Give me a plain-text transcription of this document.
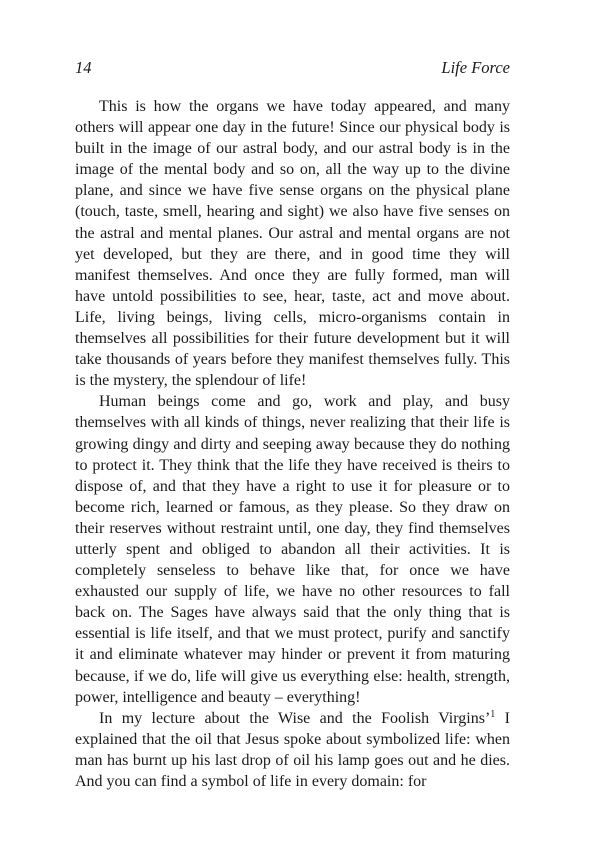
14	Life Force

This is how the organs we have today appeared, and many others will appear one day in the future! Since our physical body is built in the image of our astral body, and our astral body is in the image of the mental body and so on, all the way up to the divine plane, and since we have five sense organs on the physical plane (touch, taste, smell, hearing and sight) we also have five senses on the astral and mental planes. Our astral and mental organs are not yet developed, but they are there, and in good time they will manifest themselves. And once they are fully formed, man will have untold possibilities to see, hear, taste, act and move about. Life, living beings, living cells, micro-organisms contain in themselves all possibilities for their future development but it will take thousands of years before they manifest themselves fully. This is the mystery, the splendour of life!

Human beings come and go, work and play, and busy themselves with all kinds of things, never realizing that their life is growing dingy and dirty and seeping away because they do nothing to protect it. They think that the life they have received is theirs to dispose of, and that they have a right to use it for pleasure or to become rich, learned or famous, as they please. So they draw on their reserves without restraint until, one day, they find themselves utterly spent and obliged to abandon all their activities. It is completely senseless to behave like that, for once we have exhausted our supply of life, we have no other resources to fall back on. The Sages have always said that the only thing that is essential is life itself, and that we must protect, purify and sanctify it and eliminate whatever may hinder or prevent it from maturing because, if we do, life will give us everything else: health, strength, power, intelligence and beauty – everything!

In my lecture about the Wise and the Foolish Virgins’$^1$ I explained that the oil that Jesus spoke about symbolized life: when man has burnt up his last drop of oil his lamp goes out and he dies. And you can find a symbol of life in every domain: for
